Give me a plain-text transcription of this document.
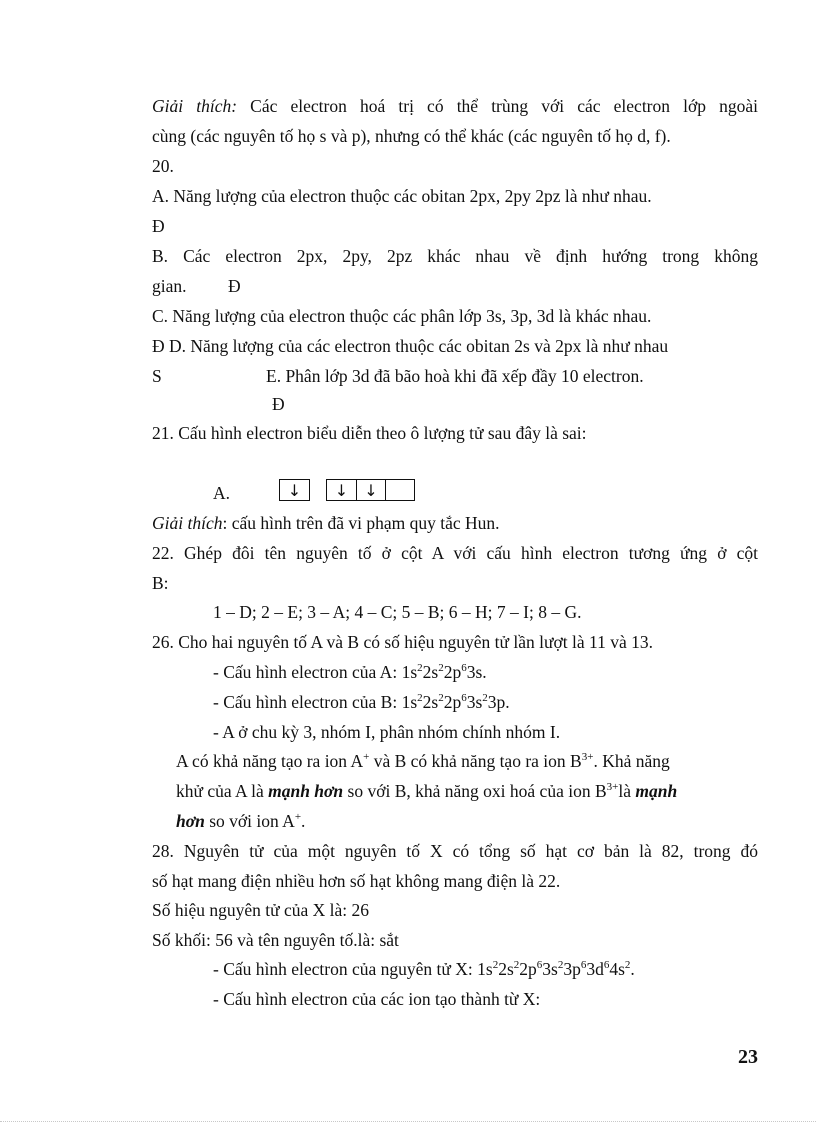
Giải thích: Các electron hoá trị có thể trùng với các electron lớp ngoài
cùng (các nguyên tố họ s và p), nhưng có thể khác (các nguyên tố họ d, f).
20.
A. Năng lượng của electron thuộc các obitan 2px, 2py 2pz là như nhau.
Đ
B. Các electron 2px, 2py, 2pz khác nhau về định hướng trong không
gian. Đ
C. Năng lượng của electron thuộc các phân lớp 3s, 3p, 3d là khác nhau.
Đ D. Năng lượng của các electron thuộc các obitan 2s và 2px là như nhau
S	E. Phân lớp 3d đã bão hoà khi đã xếp đầy 10 electron.
Đ
21. Cấu hình electron biểu diễn theo ô lượng tử sau đây là sai:
A.	↓	↓	↓
Giải thích: cấu hình trên đã vi phạm quy tắc Hun.
22. Ghép đôi tên nguyên tố ở cột A với cấu hình electron tương ứng ở cột
B:
1 – D; 2 – E; 3 – A; 4 – C; 5 – B; 6 – H; 7 – I; 8 – G.
26. Cho hai nguyên tố A và B có số hiệu nguyên tử lần lượt là 11 và 13.
- Cấu hình electron của A: $1s^22s^22p^63s$.
- Cấu hình electron của B: $1s^22s^22p^63s^23p$.
- A ở chu kỳ 3, nhóm I, phân nhóm chính nhóm I.
A có khả năng tạo ra ion A+ và B có khả năng tạo ra ion $B^{3+}$. Khả năng
khử của A là mạnh hơn so với B, khả năng oxi hoá của ion $B^{3+}là$ mạnh
hơn so với ion A+.
28. Nguyên tử của một nguyên tố X có tổng số hạt cơ bản là 82, trong đó
số hạt mang điện nhiều hơn số hạt không mang điện là 22.
Số hiệu nguyên tử của X là: 26
Số khối: 56 và tên nguyên tố.là: sắt
- Cấu hình electron của nguyên tử X: $1s^22s^22p^63s^23p^63d^64s^2$.
- Cấu hình electron của các ion tạo thành từ X:
23
